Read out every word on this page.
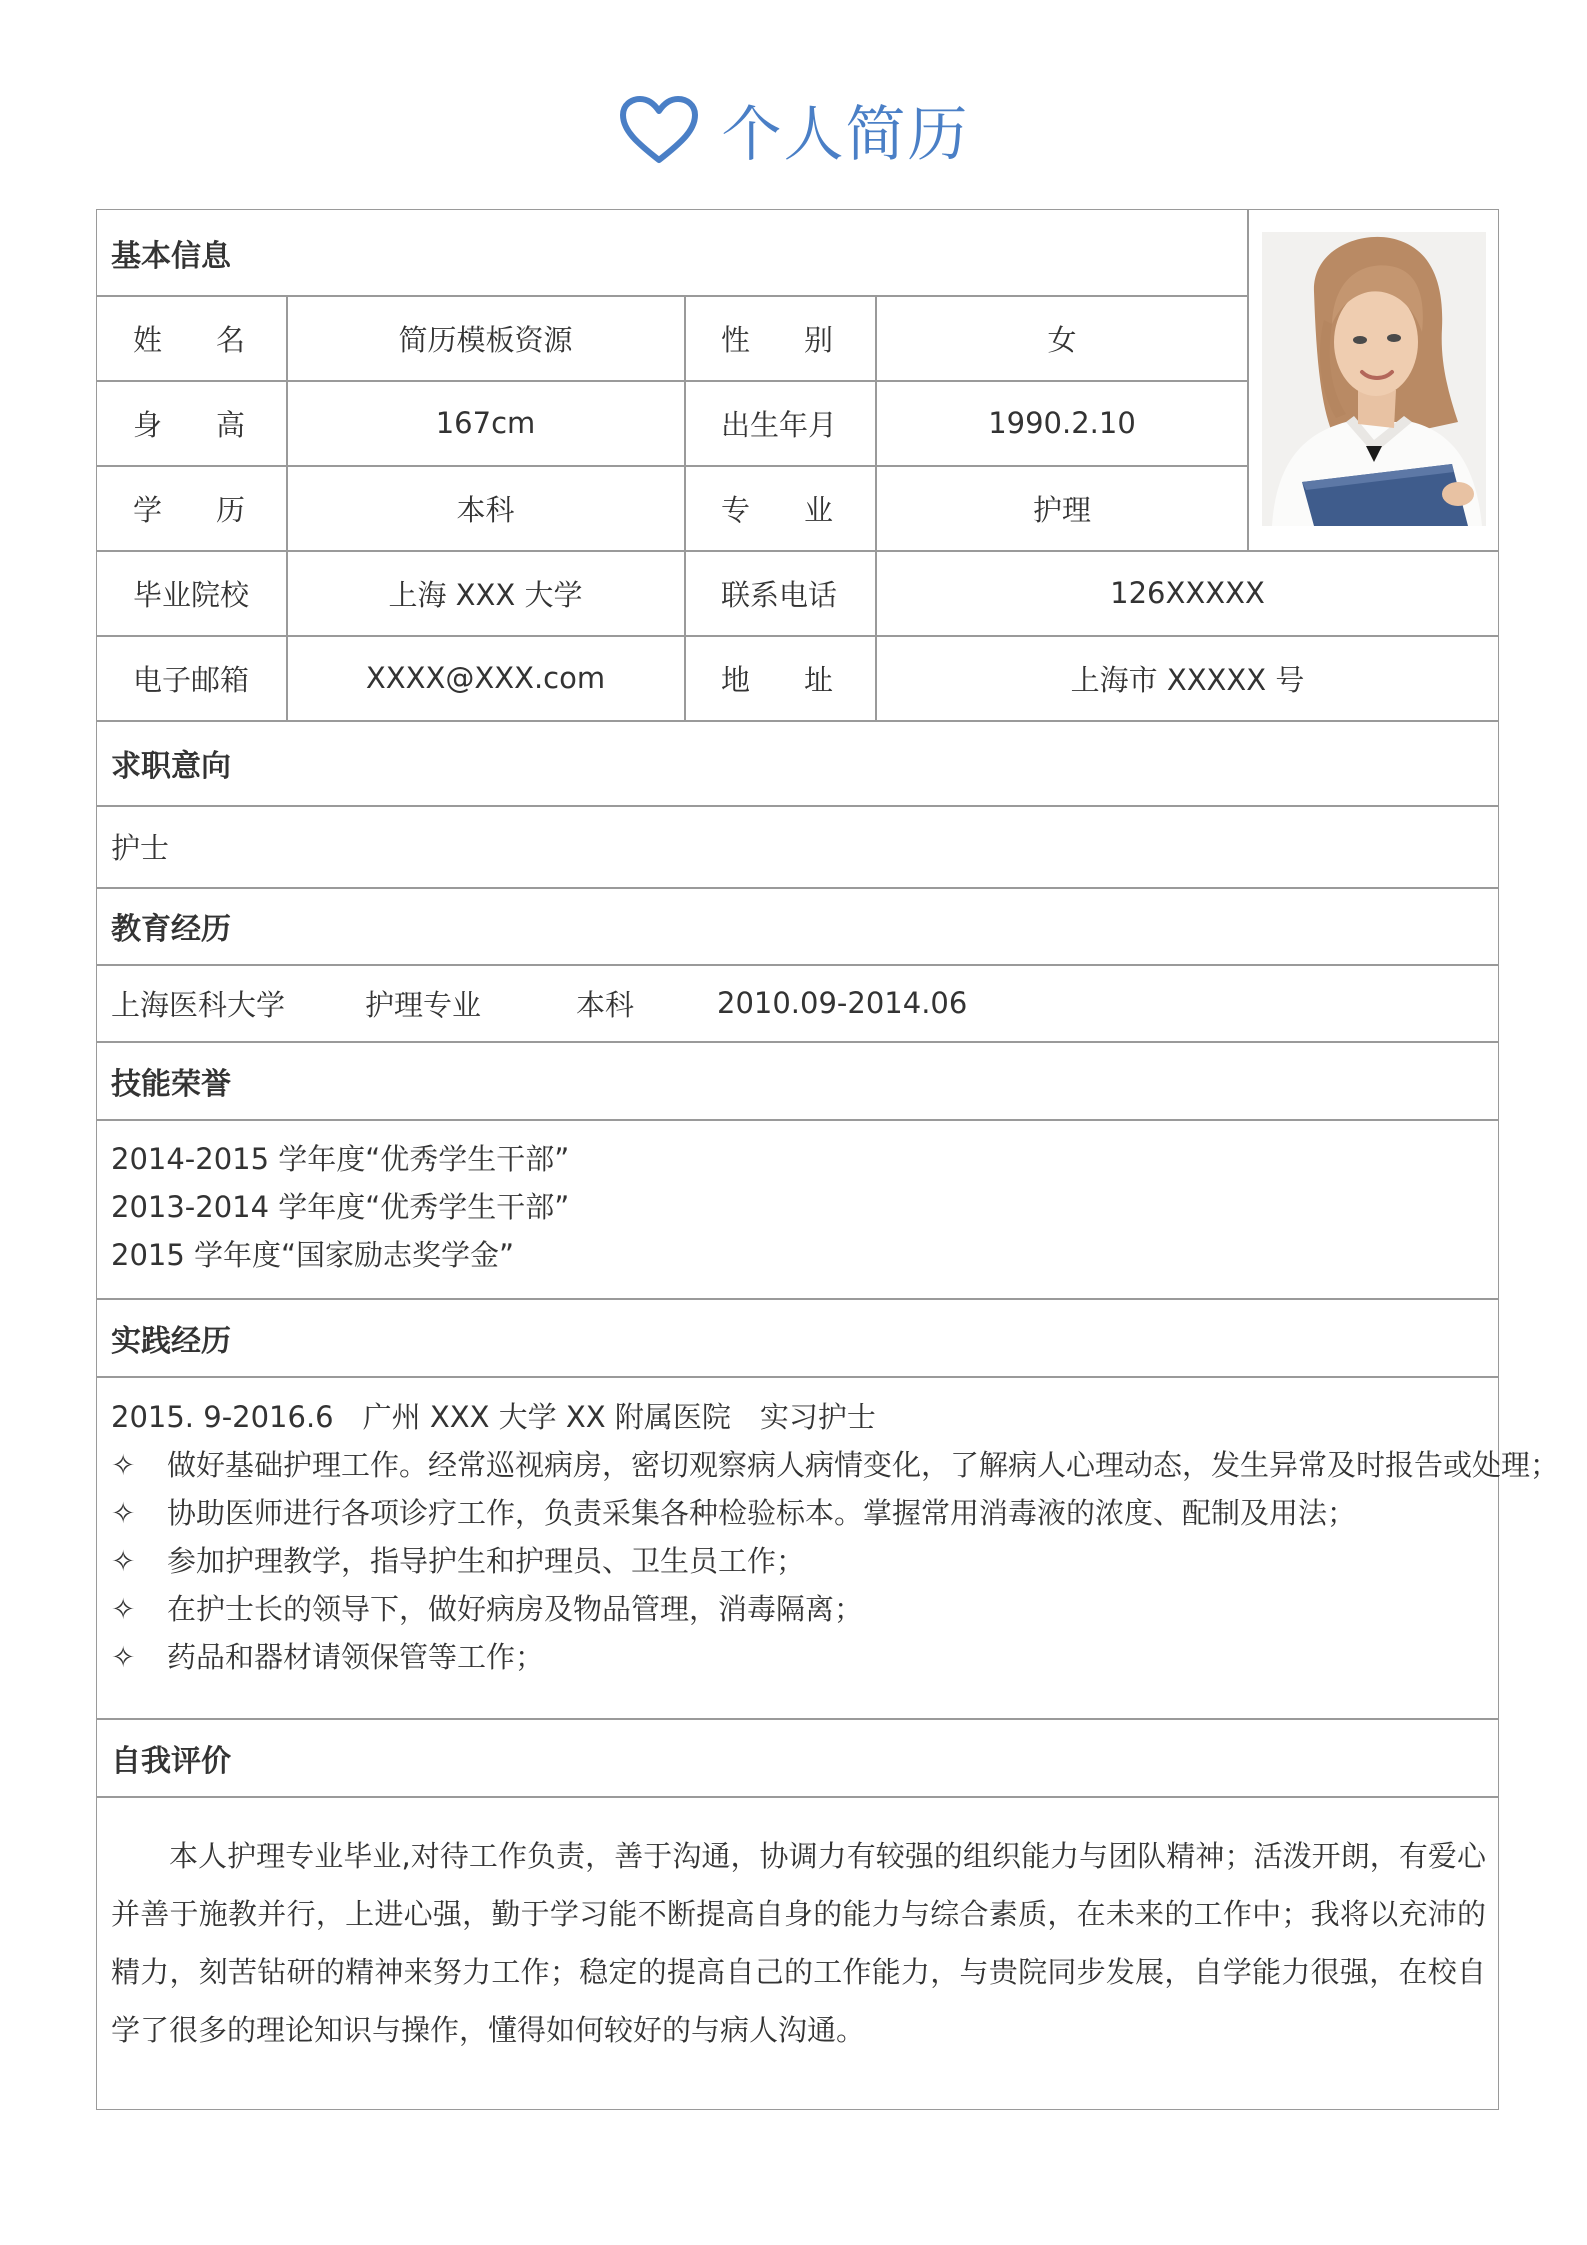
个人简历
基本信息
姓 名	简历模板资源	性 别	女
身 高	167cm	出生年月	1990.2.10
学 历	本科	专 业	护理
毕业院校	上海 XXX 大学	联系电话	126XXXXX
电子邮箱	XXXX@XXX.com	地 址	上海市 XXXXX 号
求职意向
护士
教育经历
上海医科大学	护理专业	本科	2010.09-2014.06
技能荣誉
2014-2015 学年度“优秀学生干部”
2013-2014 学年度“优秀学生干部”
2015 学年度“国家励志奖学金”
实践经历
2015. 9-2016.6　广州 XXX 大学 XX 附属医院　实习护士
✧	做好基础护理工作。经常巡视病房，密切观察病人病情变化，了解病人心理动态，发生异常及时报告或处理；
✧	协助医师进行各项诊疗工作，负责采集各种检验标本。掌握常用消毒液的浓度、配制及用法；
✧	参加护理教学，指导护生和护理员、卫生员工作；
✧	在护士长的领导下，做好病房及物品管理，消毒隔离；
✧	药品和器材请领保管等工作；
自我评价
本人护理专业毕业,对待工作负责，善于沟通，协调力有较强的组织能力与团队精神；活泼开朗，有爱心并善于施教并行，上进心强，勤于学习能不断提高自身的能力与综合素质，在未来的工作中；我将以充沛的精力，刻苦钻研的精神来努力工作；稳定的提高自己的工作能力，与贵院同步发展，自学能力很强，在校自学了很多的理论知识与操作，懂得如何较好的与病人沟通。
